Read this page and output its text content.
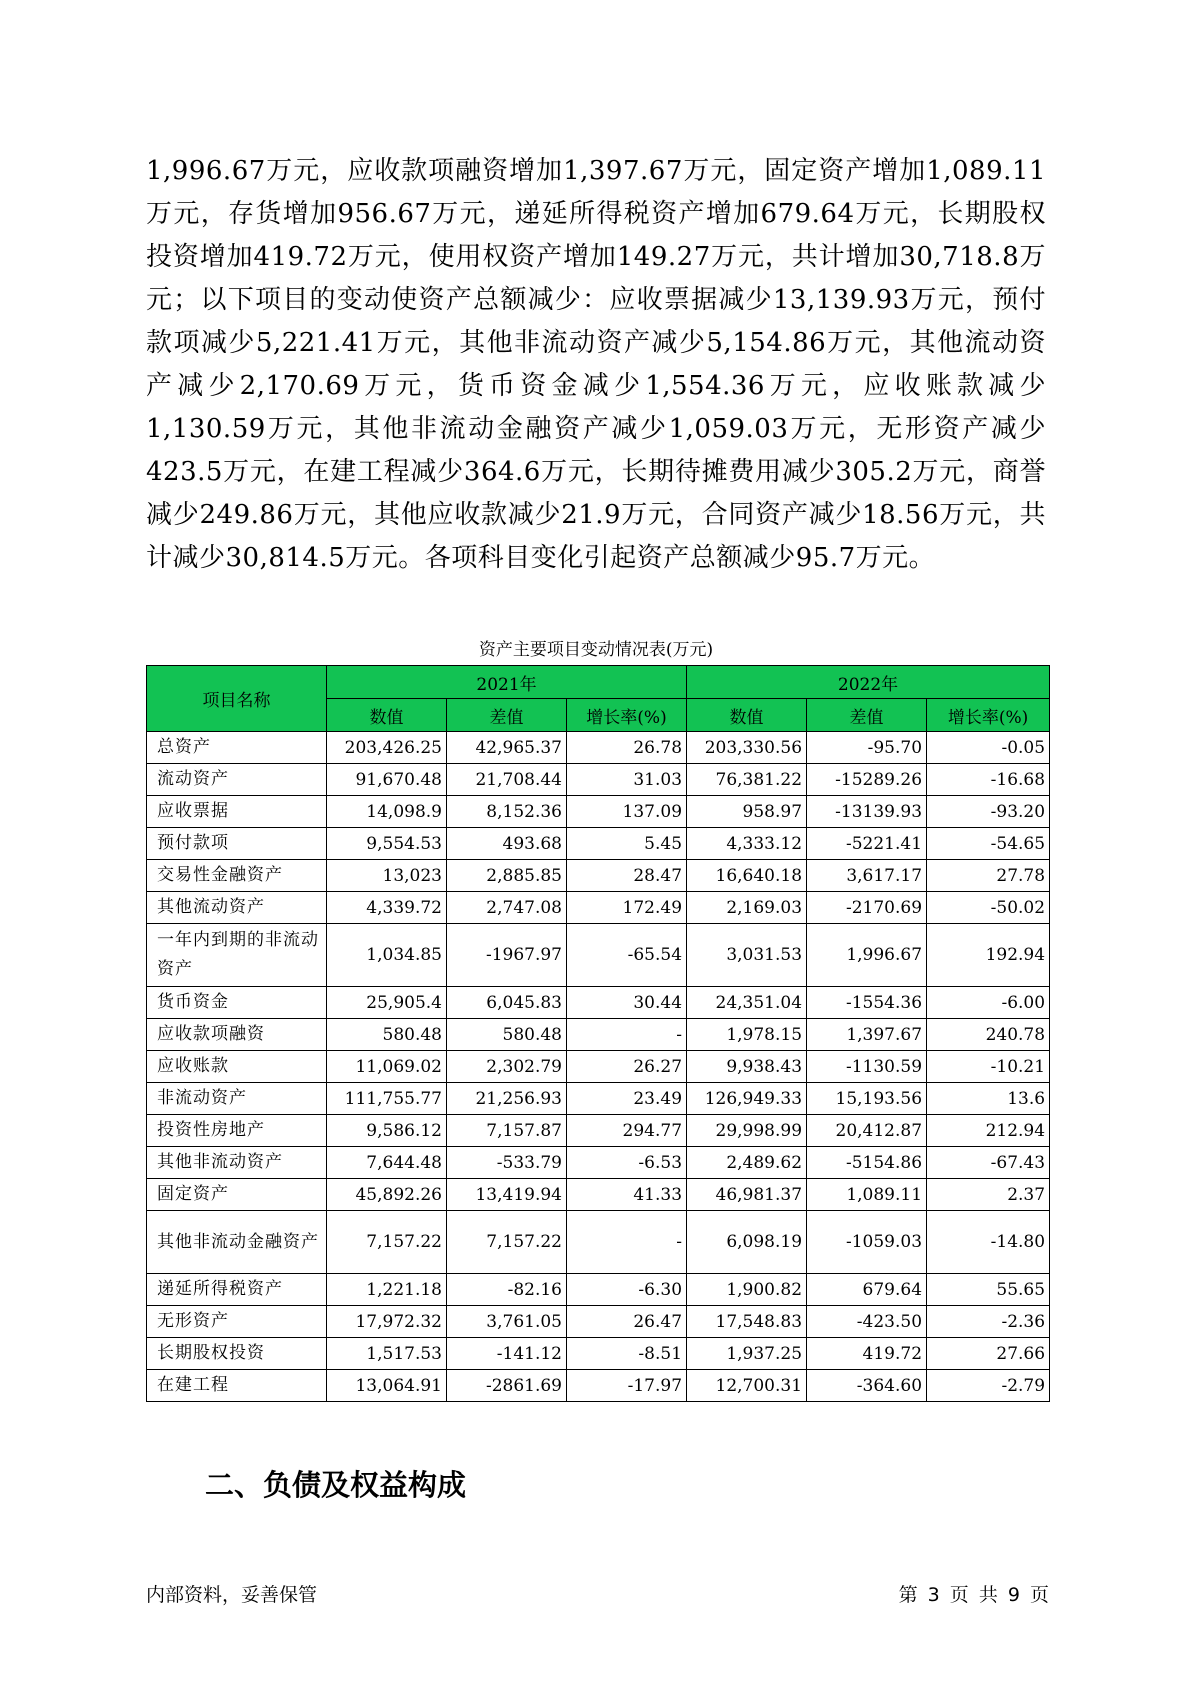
1,996.67万元，应收款项融资增加1,397.67万元，固定资产增加1,089.11万元，存货增加956.67万元，递延所得税资产增加679.64万元，长期股权投资增加419.72万元，使用权资产增加149.27万元，共计增加30,718.8万元；以下项目的变动使资产总额减少：应收票据减少13,139.93万元，预付款项减少5,221.41万元，其他非流动资产减少5,154.86万元，其他流动资产减少2,170.69万元，货币资金减少1,554.36万元，应收账款减少1,130.59万元，其他非流动金融资产减少1,059.03万元，无形资产减少423.5万元，在建工程减少364.6万元，长期待摊费用减少305.2万元，商誉减少249.86万元，其他应收款减少21.9万元，合同资产减少18.56万元，共计减少30,814.5万元。各项科目变化引起资产总额减少95.7万元。

资产主要项目变动情况表(万元)
项目名称	2021年			2022年		
	数值	差值	增长率(%)	数值	差值	增长率(%)
总资产	203,426.25	42,965.37	26.78	203,330.56	-95.70	-0.05
流动资产	91,670.48	21,708.44	31.03	76,381.22	-15289.26	-16.68
应收票据	14,098.9	8,152.36	137.09	958.97	-13139.93	-93.20
预付款项	9,554.53	493.68	5.45	4,333.12	-5221.41	-54.65
交易性金融资产	13,023	2,885.85	28.47	16,640.18	3,617.17	27.78
其他流动资产	4,339.72	2,747.08	172.49	2,169.03	-2170.69	-50.02
一年内到期的非流动资产	1,034.85	-1967.97	-65.54	3,031.53	1,996.67	192.94
货币资金	25,905.4	6,045.83	30.44	24,351.04	-1554.36	-6.00
应收款项融资	580.48	580.48	-	1,978.15	1,397.67	240.78
应收账款	11,069.02	2,302.79	26.27	9,938.43	-1130.59	-10.21
非流动资产	111,755.77	21,256.93	23.49	126,949.33	15,193.56	13.6
投资性房地产	9,586.12	7,157.87	294.77	29,998.99	20,412.87	212.94
其他非流动资产	7,644.48	-533.79	-6.53	2,489.62	-5154.86	-67.43
固定资产	45,892.26	13,419.94	41.33	46,981.37	1,089.11	2.37
其他非流动金融资产	7,157.22	7,157.22	-	6,098.19	-1059.03	-14.80
递延所得税资产	1,221.18	-82.16	-6.30	1,900.82	679.64	55.65
无形资产	17,972.32	3,761.05	26.47	17,548.83	-423.50	-2.36
长期股权投资	1,517.53	-141.12	-8.51	1,937.25	419.72	27.66
在建工程	13,064.91	-2861.69	-17.97	12,700.31	-364.60	-2.79
二、负债及权益构成
内部资料，妥善保管	第 3 页 共 9 页
